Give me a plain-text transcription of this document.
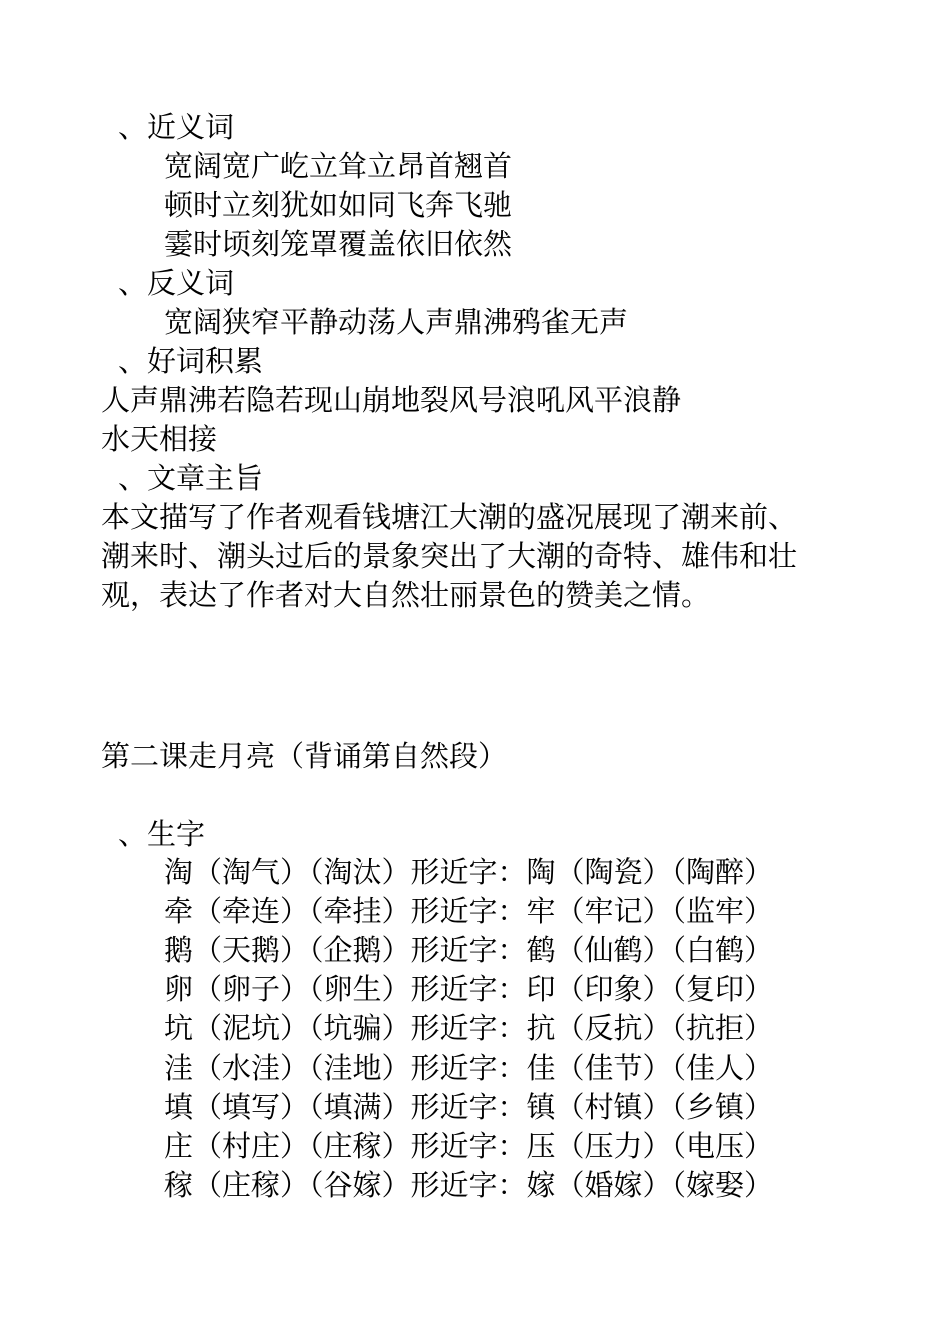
、近义词
宽阔宽广屹立耸立昂首翘首
顿时立刻犹如如同飞奔飞驰
霎时顷刻笼罩覆盖依旧依然
、反义词
宽阔狭窄平静动荡人声鼎沸鸦雀无声
、好词积累
人声鼎沸若隐若现山崩地裂风号浪吼风平浪静
水天相接
、文章主旨
本文描写了作者观看钱塘江大潮的盛况展现了潮来前、
潮来时、潮头过后的景象突出了大潮的奇特、雄伟和壮
观，表达了作者对大自然壮丽景色的赞美之情。
第二课走月亮（背诵第自然段）
、生字
淘（淘气）（淘汰）形近字：陶（陶瓷）（陶醉）
牵（牵连）（牵挂）形近字：牢（牢记）（监牢）
鹅（天鹅）（企鹅）形近字：鹤（仙鹤）（白鹤）
卵（卵子）（卵生）形近字：印（印象）（复印）
坑（泥坑）（坑骗）形近字：抗（反抗）（抗拒）
洼（水洼）（洼地）形近字：佳（佳节）（佳人）
填（填写）（填满）形近字：镇（村镇）（乡镇）
庄（村庄）（庄稼）形近字：压（压力）（电压）
稼（庄稼）（谷嫁）形近字：嫁（婚嫁）（嫁娶）
